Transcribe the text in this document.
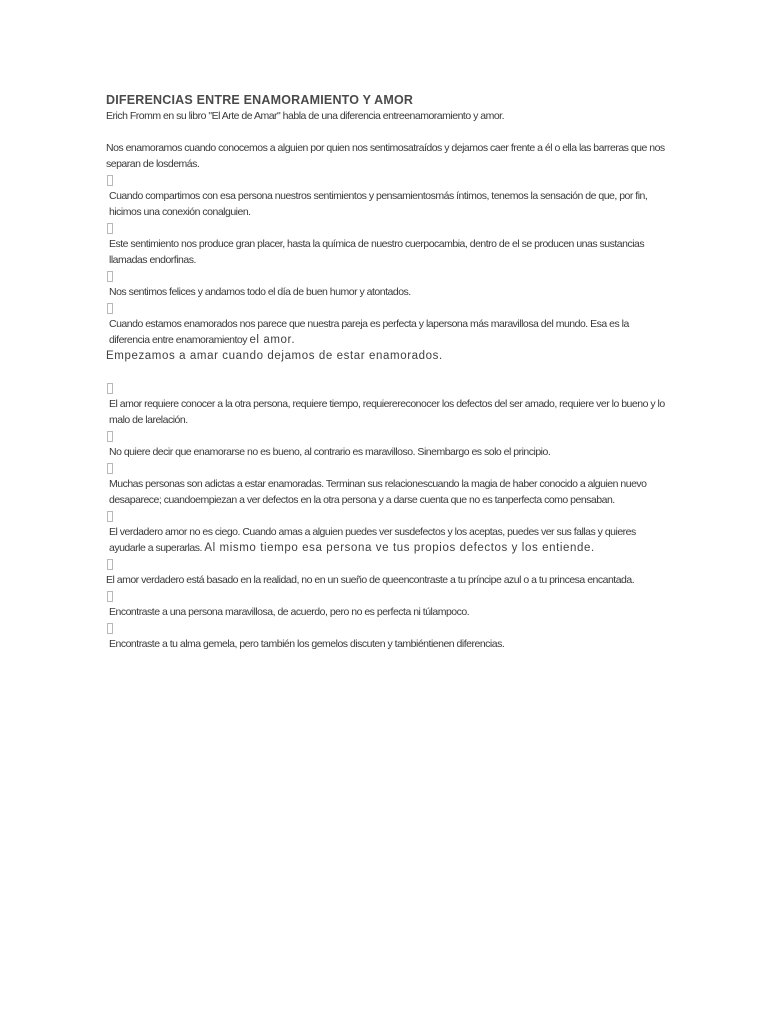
DIFERENCIAS ENTRE ENAMORAMIENTO Y AMOR

Erich Fromm en su libro "El Arte de Amar" habla de una diferencia entreenamoramiento y amor.

Nos enamoramos cuando conocemos a alguien por quien nos sentimosatraídos y dejamos caer frente a él o ella las barreras que nos separan de losdemás.

Cuando compartimos con esa persona nuestros sentimientos y pensamientosmás íntimos, tenemos la sensación de que, por fin, hicimos una conexión conalguien.

Este sentimiento nos produce gran placer, hasta la química de nuestro cuerpocambia, dentro de el se producen unas sustancias llamadas endorfinas.

Nos sentimos felices y andamos todo el día de buen humor y atontados.

Cuando estamos enamorados nos parece que nuestra pareja es perfecta y lapersona más maravillosa del mundo. Esa es la diferencia entre enamoramientoy el amor.

Empezamos a amar cuando dejamos de estar enamorados.

El amor requiere conocer a la otra persona, requiere tiempo, requierereconocer los defectos del ser amado, requiere ver lo bueno y lo malo de larelación.

No quiere decir que enamorarse no es bueno, al contrario es maravilloso. Sinembargo es solo el principio.

Muchas personas son adictas a estar enamoradas. Terminan sus relacionescuando la magia de haber conocido a alguien nuevo desaparece; cuandoempiezan a ver defectos en la otra persona y a darse cuenta que no es tanperfecta como pensaban.

El verdadero amor no es ciego. Cuando amas a alguien puedes ver susdefectos y los aceptas, puedes ver sus fallas y quieres ayudarle a superarlas. Al mismo tiempo esa persona ve tus propios defectos y los entiende.

El amor verdadero está basado en la realidad, no en un sueño de queencontraste a tu príncipe azul o a tu princesa encantada.

Encontraste a una persona maravillosa, de acuerdo, pero no es perfecta ni túlampoco.

Encontraste a tu alma gemela, pero también los gemelos discuten y tambiéntienen diferencias.
